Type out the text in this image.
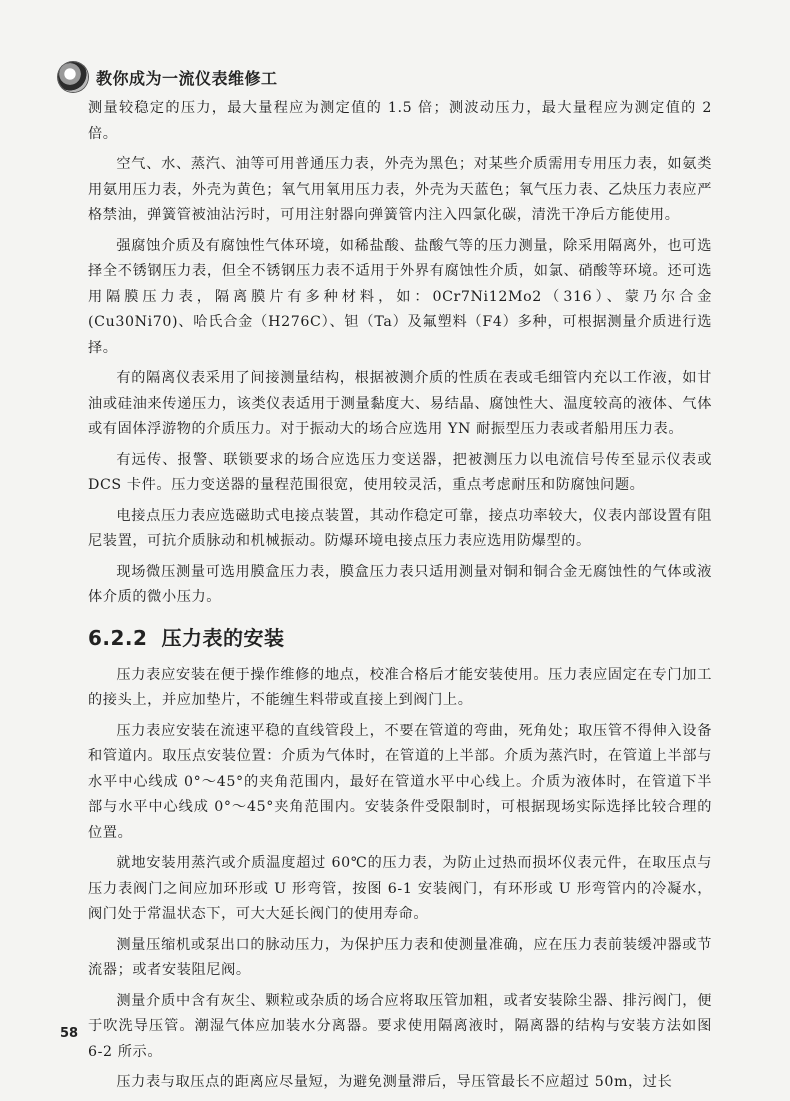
教你成为一流仪表维修工

测量较稳定的压力，最大量程应为测定值的 1.5 倍；测波动压力，最大量程应为测定值的 2 倍。

空气、水、蒸汽、油等可用普通压力表，外壳为黑色；对某些介质需用专用压力表，如氨类用氨用压力表，外壳为黄色；氧气用氧用压力表，外壳为天蓝色；氧气压力表、乙炔压力表应严格禁油，弹簧管被油沾污时，可用注射器向弹簧管内注入四氯化碳，清洗干净后方能使用。

强腐蚀介质及有腐蚀性气体环境，如稀盐酸、盐酸气等的压力测量，除采用隔离外，也可选择全不锈钢压力表，但全不锈钢压力表不适用于外界有腐蚀性介质，如氯、硝酸等环境。还可选用隔膜压力表，隔离膜片有多种材料，如：0Cr7Ni12Mo2（316）、蒙乃尔合金(Cu30Ni70)、哈氏合金（H276C）、钽（Ta）及氟塑料（F4）多种，可根据测量介质进行选择。

有的隔离仪表采用了间接测量结构，根据被测介质的性质在表或毛细管内充以工作液，如甘油或硅油来传递压力，该类仪表适用于测量黏度大、易结晶、腐蚀性大、温度较高的液体、气体或有固体浮游物的介质压力。对于振动大的场合应选用 YN 耐振型压力表或者船用压力表。

有远传、报警、联锁要求的场合应选压力变送器，把被测压力以电流信号传至显示仪表或 DCS 卡件。压力变送器的量程范围很宽，使用较灵活，重点考虑耐压和防腐蚀问题。

电接点压力表应选磁助式电接点装置，其动作稳定可靠，接点功率较大，仪表内部设置有阻尼装置，可抗介质脉动和机械振动。防爆环境电接点压力表应选用防爆型的。

现场微压测量可选用膜盒压力表，膜盒压力表只适用测量对铜和铜合金无腐蚀性的气体或液体介质的微小压力。

6.2.2 压力表的安装

压力表应安装在便于操作维修的地点，校准合格后才能安装使用。压力表应固定在专门加工的接头上，并应加垫片，不能缠生料带或直接上到阀门上。

压力表应安装在流速平稳的直线管段上，不要在管道的弯曲，死角处；取压管不得伸入设备和管道内。取压点安装位置：介质为气体时，在管道的上半部。介质为蒸汽时，在管道上半部与水平中心线成 0°～45°的夹角范围内，最好在管道水平中心线上。介质为液体时，在管道下半部与水平中心线成 0°～45°夹角范围内。安装条件受限制时，可根据现场实际选择比较合理的位置。

就地安装用蒸汽或介质温度超过 60℃的压力表，为防止过热而损坏仪表元件，在取压点与压力表阀门之间应加环形或 U 形弯管，按图 6-1 安装阀门，有环形或 U 形弯管内的冷凝水，阀门处于常温状态下，可大大延长阀门的使用寿命。

测量压缩机或泵出口的脉动压力，为保护压力表和使测量准确，应在压力表前装缓冲器或节流器；或者安装阻尼阀。

测量介质中含有灰尘、颗粒或杂质的场合应将取压管加粗，或者安装除尘器、排污阀门，便于吹洗导压管。潮湿气体应加装水分离器。要求使用隔离液时，隔离器的结构与安装方法如图 6-2 所示。

压力表与取压点的距离应尽量短，为避免测量滞后，导压管最长不应超过 50m，过长

58
